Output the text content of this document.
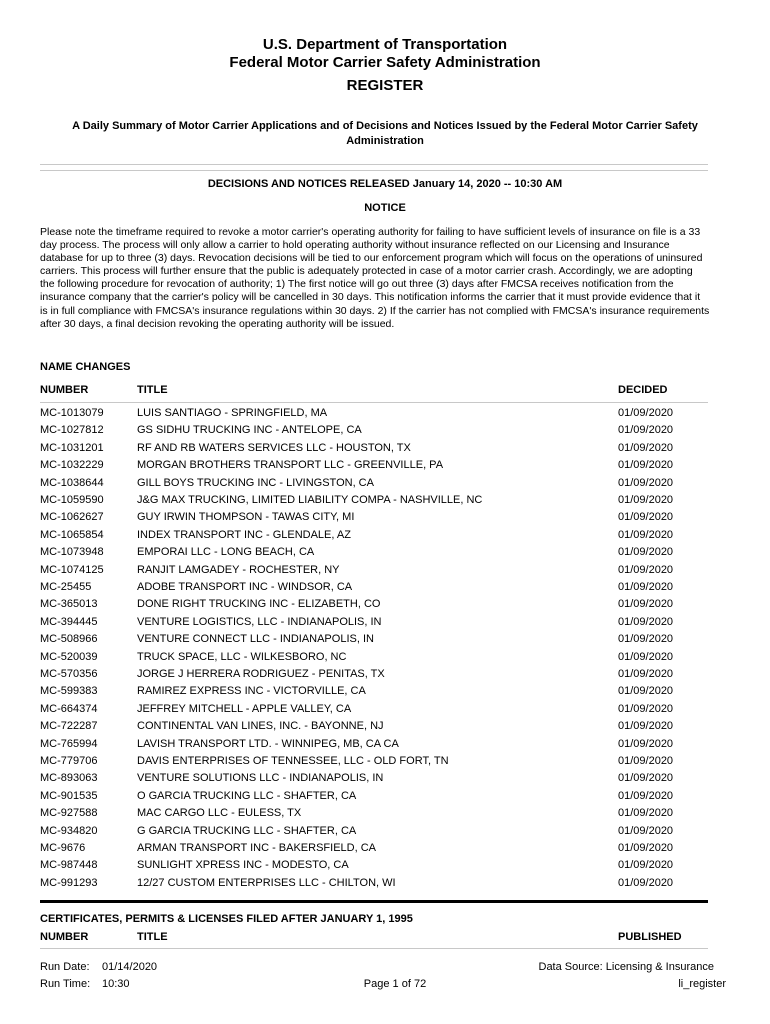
U.S. Department of Transportation
Federal Motor Carrier Safety Administration
REGISTER
A Daily Summary of Motor Carrier Applications and of Decisions and Notices Issued by the Federal Motor Carrier Safety Administration
DECISIONS AND NOTICES RELEASED January 14, 2020 -- 10:30 AM
NOTICE
Please note the timeframe required to revoke a motor carrier's operating authority for failing to have sufficient levels of insurance on file is a 33 day process. The process will only allow a carrier to hold operating authority without insurance reflected on our Licensing and Insurance database for up to three (3) days. Revocation decisions will be tied to our enforcement program which will focus on the operations of uninsured carriers. This process will further ensure that the public is adequately protected in case of a motor carrier crash. Accordingly, we are adopting the following procedure for revocation of authority; 1) The first notice will go out three (3) days after FMCSA receives notification from the insurance company that the carrier's policy will be cancelled in 30 days. This notification informs the carrier that it must provide evidence that it is in full compliance with FMCSA's insurance regulations within 30 days. 2) If the carrier has not complied with FMCSA's insurance requirements after 30 days, a final decision revoking the operating authority will be issued.
NAME CHANGES
NUMBER	TITLE	DECIDED
MC-1013079	LUIS SANTIAGO - SPRINGFIELD, MA	01/09/2020
MC-1027812	GS SIDHU TRUCKING INC - ANTELOPE, CA	01/09/2020
MC-1031201	RF AND RB WATERS SERVICES LLC - HOUSTON, TX	01/09/2020
MC-1032229	MORGAN BROTHERS TRANSPORT LLC - GREENVILLE, PA	01/09/2020
MC-1038644	GILL BOYS TRUCKING INC - LIVINGSTON, CA	01/09/2020
MC-1059590	J&G MAX TRUCKING, LIMITED LIABILITY COMPA - NASHVILLE, NC	01/09/2020
MC-1062627	GUY IRWIN THOMPSON - TAWAS CITY, MI	01/09/2020
MC-1065854	INDEX TRANSPORT INC - GLENDALE, AZ	01/09/2020
MC-1073948	EMPORAI LLC - LONG BEACH, CA	01/09/2020
MC-1074125	RANJIT LAMGADEY - ROCHESTER, NY	01/09/2020
MC-25455	ADOBE TRANSPORT INC - WINDSOR, CA	01/09/2020
MC-365013	DONE RIGHT TRUCKING INC - ELIZABETH, CO	01/09/2020
MC-394445	VENTURE LOGISTICS, LLC - INDIANAPOLIS, IN	01/09/2020
MC-508966	VENTURE CONNECT LLC - INDIANAPOLIS, IN	01/09/2020
MC-520039	TRUCK SPACE, LLC - WILKESBORO, NC	01/09/2020
MC-570356	JORGE J HERRERA RODRIGUEZ - PENITAS, TX	01/09/2020
MC-599383	RAMIREZ EXPRESS INC - VICTORVILLE, CA	01/09/2020
MC-664374	JEFFREY MITCHELL - APPLE VALLEY, CA	01/09/2020
MC-722287	CONTINENTAL VAN LINES, INC. - BAYONNE, NJ	01/09/2020
MC-765994	LAVISH TRANSPORT LTD. - WINNIPEG, MB, CA CA	01/09/2020
MC-779706	DAVIS ENTERPRISES OF TENNESSEE, LLC - OLD FORT, TN	01/09/2020
MC-893063	VENTURE SOLUTIONS LLC - INDIANAPOLIS, IN	01/09/2020
MC-901535	O GARCIA TRUCKING LLC - SHAFTER, CA	01/09/2020
MC-927588	MAC CARGO LLC - EULESS, TX	01/09/2020
MC-934820	G GARCIA TRUCKING LLC - SHAFTER, CA	01/09/2020
MC-9676	ARMAN TRANSPORT INC - BAKERSFIELD, CA	01/09/2020
MC-987448	SUNLIGHT XPRESS INC - MODESTO, CA	01/09/2020
MC-991293	12/27 CUSTOM ENTERPRISES LLC - CHILTON, WI	01/09/2020
CERTIFICATES, PERMITS & LICENSES FILED AFTER JANUARY 1, 1995
NUMBER	TITLE	PUBLISHED
Run Date: 01/14/2020
Run Time: 10:30	Page 1 of 72
Data Source: Licensing & Insurance
li_register
